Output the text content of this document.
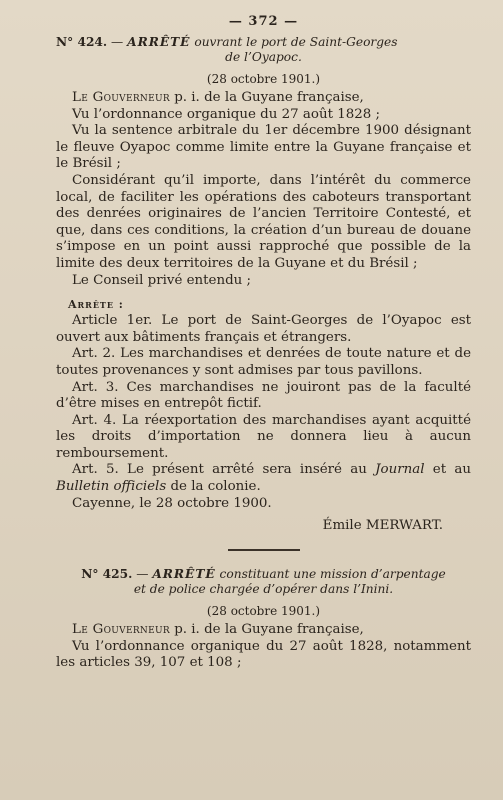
— 372 —

N° 424. — ARRÊTÉ ouvrant le port de Saint-Georges

de l’Oyapoc.

(28 octobre 1901.)

Le Gouverneur p. i. de la Guyane française,

Vu l’ordonnance organique du 27 août 1828 ;

Vu la sentence arbitrale du 1er décembre 1900 désignant le fleuve Oyapoc comme limite entre la Guyane française et le Brésil ;

Considérant qu’il importe, dans l’intérêt du commerce local, de faciliter les opérations des caboteurs transportant des denrées originaires de l’ancien Territoire Contesté, et que, dans ces conditions, la création d’un bureau de douane s’impose en un point aussi rapproché que possible de la limite des deux territoires de la Guyane et du Brésil ;

Le Conseil privé entendu ;

Arrête :

Article 1er. Le port de Saint-Georges de l’Oyapoc est ouvert aux bâtiments français et étrangers.

Art. 2. Les marchandises et denrées de toute nature et de toutes provenances y sont admises par tous pavillons.

Art. 3. Ces marchandises ne jouiront pas de la faculté d’être mises en entrepôt fictif.

Art. 4. La réexportation des marchandises ayant acquitté les droits d’importation ne donnera lieu à aucun remboursement.

Art. 5. Le présent arrêté sera inséré au Journal et au Bulletin officiels de la colonie.

Cayenne, le 28 octobre 1900.

Émile MERWART.

N° 425. — ARRÊTÉ constituant une mission d’arpentage

et de police chargée d’opérer dans l’Inini.

(28 octobre 1901.)

Le Gouverneur p. i. de la Guyane française,

Vu l’ordonnance organique du 27 août 1828, notamment les articles 39, 107 et 108 ;
